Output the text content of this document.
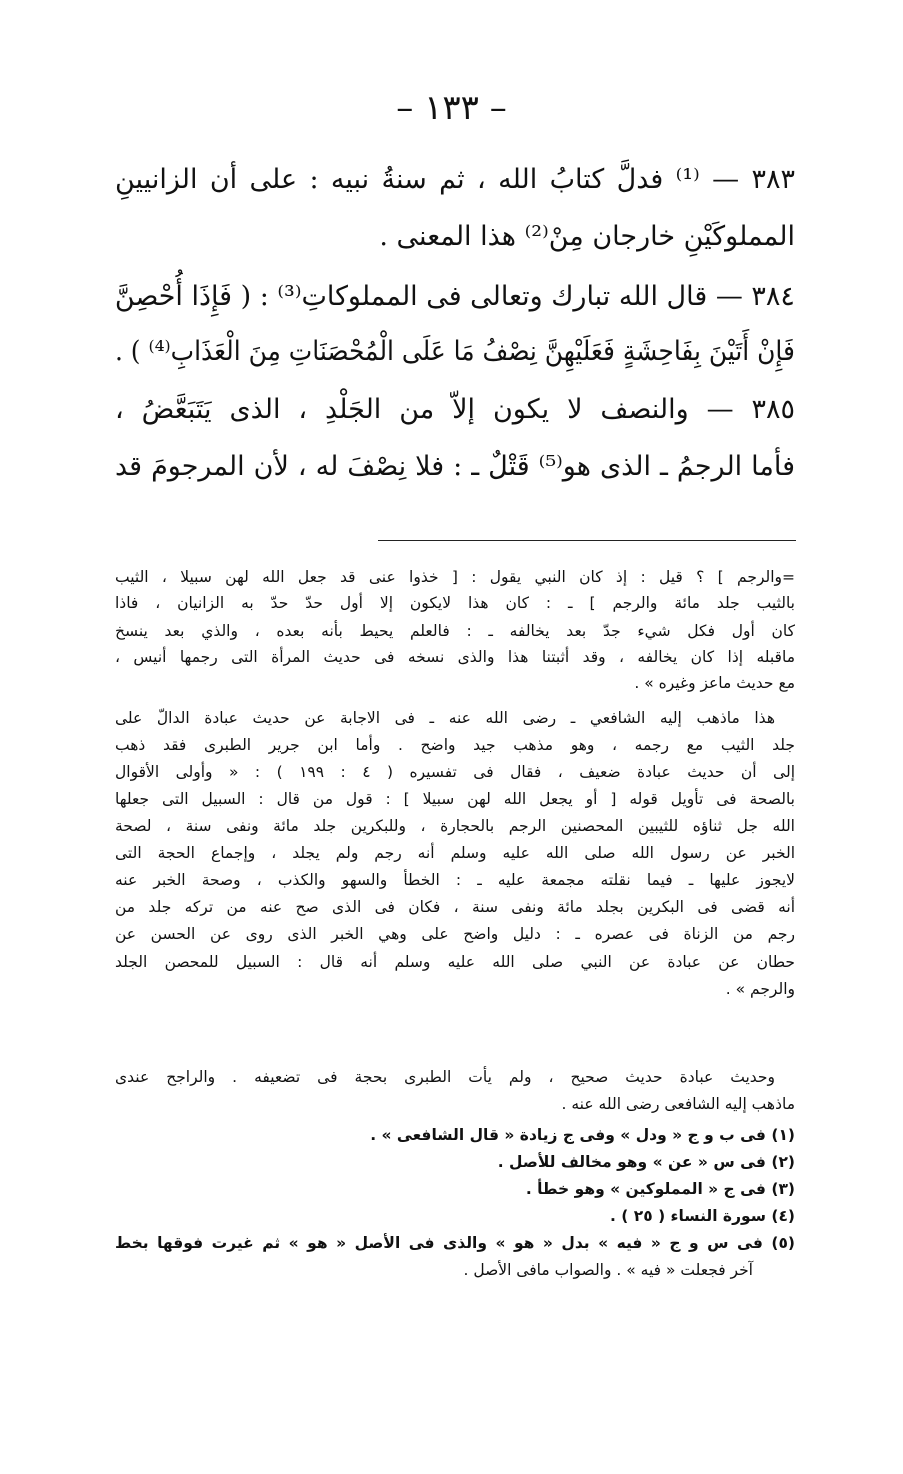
– ١٣٣ –
٣٨٣ — ⁽¹⁾ فدلَّ كتابُ الله ، ثم سنةُ نبيه : على أن الزانيينِ
المملوكَيْنِ خارجان مِنْ⁽²⁾ هذا المعنى .
٣٨٤ — قال الله تبارك وتعالى فى المملوكاتِ⁽³⁾ : ( فَإِذَا أُحْصِنَّ
فَإِنْ أَتَيْنَ بِفَاحِشَةٍ فَعَلَيْهِنَّ نِصْفُ مَا عَلَى الْمُحْصَنَاتِ مِنَ الْعَذَابِ⁽⁴⁾ ) .
٣٨٥ — والنصف لا يكون إلاّ من الجَلْدِ ، الذى يَتَبَعَّضُ ،
فأما الرجمُ ـ الذى هو⁽⁵⁾ قَتْلٌ ـ : فلا نِصْفَ له ، لأن المرجومَ قد
=والرجم ] ؟ قيل : إذ كان النبي يقول : [ خذوا عنى قد جعل الله لهن سبيلا ، الثيب
بالثيب جلد مائة والرجم ] ـ : كان هذا لايكون إلا أول حدّ حدّ به الزانيان ، فاذا
كان أول فكل شيء جدّ بعد يخالفه ـ : فالعلم يحيط بأنه بعده ، والذي بعد ينسخ
ماقبله إذا كان يخالفه ، وقد أثبتنا هذا والذى نسخه فى حديث المرأة التى رجمها أنيس ،
مع حديث ماعز وغيره » .
هذا ماذهب إليه الشافعي ـ رضى الله عنه ـ فى الاجابة عن حديث عبادة الدالّ على
جلد الثيب مع رجمه ، وهو مذهب جيد واضح . وأما ابن جرير الطبرى فقد ذهب
إلى أن حديث عبادة ضعيف ، فقال فى تفسيره ( ٤ : ١٩٩ ) : « وأولى الأقوال
بالصحة فى تأويل قوله [ أو يجعل الله لهن سبيلا ] : قول من قال : السبيل التى جعلها
الله جل ثناؤه للثيبين المحصنين الرجم بالحجارة ، وللبكرين جلد مائة ونفى سنة ، لصحة
الخبر عن رسول الله صلى الله عليه وسلم أنه رجم ولم يجلد ، وإجماع الحجة التى
لايجوز عليها ـ فيما نقلته مجمعة عليه ـ : الخطأ والسهو والكذب ، وصحة الخبر عنه
أنه قضى فى البكرين بجلد مائة ونفى سنة ، فكان فى الذى صح عنه من تركه جلد من
رجم من الزناة فى عصره ـ : دليل واضح على وهي الخبر الذى روى عن الحسن عن
حطان عن عبادة عن النبي صلى الله عليه وسلم أنه قال : السبيل للمحصن الجلد
والرجم » .
وحديث عبادة حديث صحيح ، ولم يأت الطبرى بحجة فى تضعيفه . والراجح عندى
ماذهب إليه الشافعى رضى الله عنه .
(١) فى ب و ج « ودل » وفى ج زيادة « قال الشافعى » .
(٢) فى س « عن » وهو مخالف للأصل .
(٣) فى ج « المملوكين » وهو خطأ .
(٤) سورة النساء ( ٢٥ ) .
(٥) فى س و ج « فيه » بدل « هو » والذى فى الأصل « هو » ثم غيرت فوقها بخط
آخر فجعلت « فيه » . والصواب مافى الأصل .
